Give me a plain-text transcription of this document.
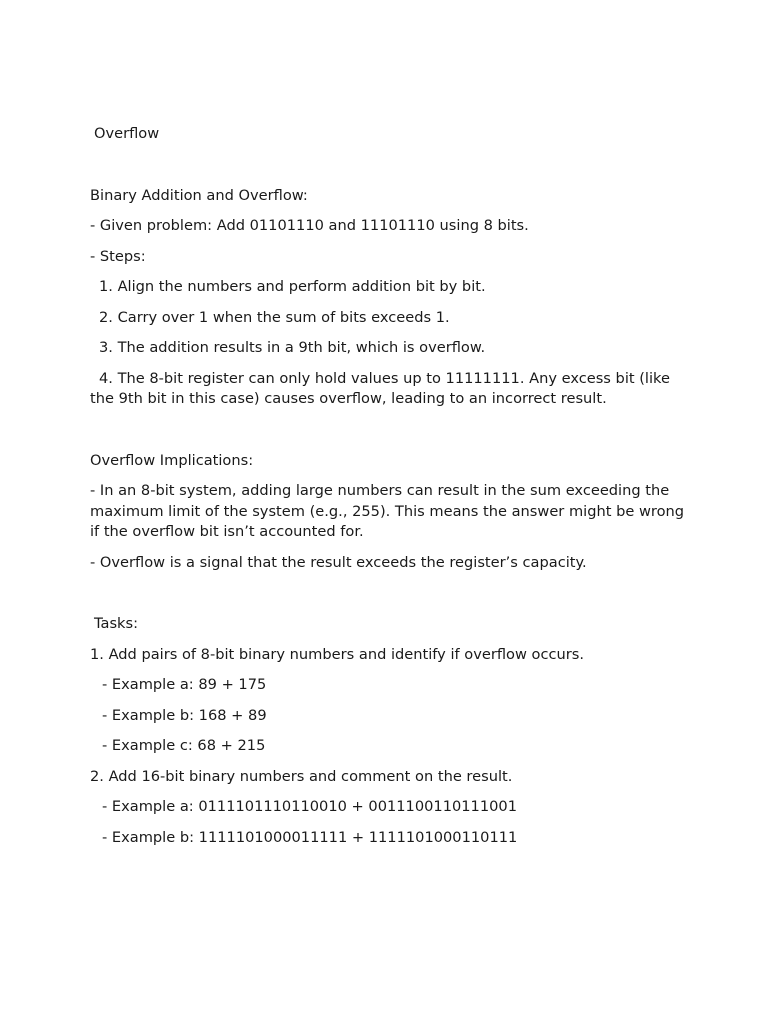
Overflow

Binary Addition and Overflow:

- Given problem: Add 01101110 and 11101110 using 8 bits.

- Steps:

1. Align the numbers and perform addition bit by bit.

2. Carry over 1 when the sum of bits exceeds 1.

3. The addition results in a 9th bit, which is overflow.

4. The 8-bit register can only hold values up to 11111111. Any excess bit (like the 9th bit in this case) causes overflow, leading to an incorrect result.

Overflow Implications:

- In an 8-bit system, adding large numbers can result in the sum exceeding the maximum limit of the system (e.g., 255). This means the answer might be wrong if the overflow bit isn’t accounted for.

- Overflow is a signal that the result exceeds the register’s capacity.

Tasks:

1. Add pairs of 8-bit binary numbers and identify if overflow occurs.

- Example a: 89 + 175

- Example b: 168 + 89

- Example c: 68 + 215

2. Add 16-bit binary numbers and comment on the result.

- Example a: 0111101110110010 + 0011100110111001

- Example b: 1111101000011111 + 1111101000110111
